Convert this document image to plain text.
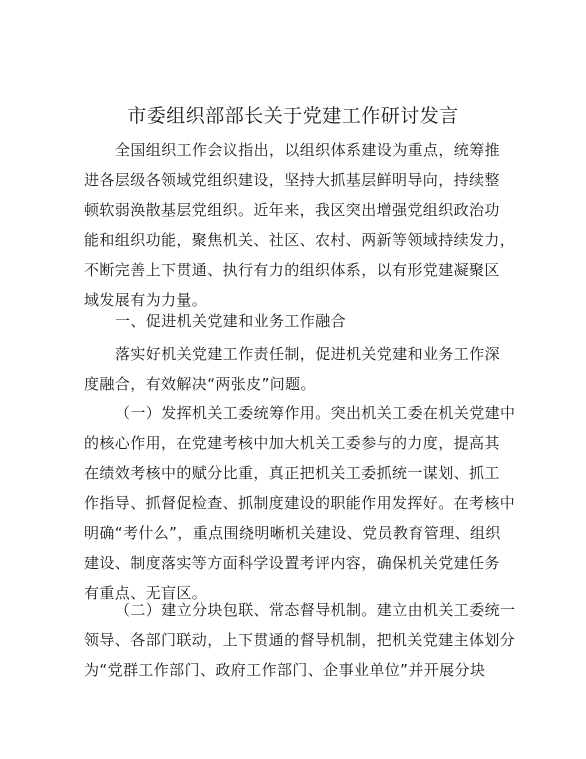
市委组织部部长关于党建工作研讨发言
全国组织工作会议指出，以组织体系建设为重点，统筹推
进各层级各领域党组织建设，坚持大抓基层鲜明导向，持续整
顿软弱涣散基层党组织。近年来，我区突出增强党组织政治功
能和组织功能，聚焦机关、社区、农村、两新等领域持续发力，
不断完善上下贯通、执行有力的组织体系，以有形党建凝聚区
域发展有为力量。
一、促进机关党建和业务工作融合
落实好机关党建工作责任制，促进机关党建和业务工作深
度融合，有效解决“两张皮”问题。
（一）发挥机关工委统筹作用。突出机关工委在机关党建中
的核心作用，在党建考核中加大机关工委参与的力度，提高其
在绩效考核中的赋分比重，真正把机关工委抓统一谋划、抓工
作指导、抓督促检查、抓制度建设的职能作用发挥好。在考核中
明确“考什么”，重点围绕明晰机关建设、党员教育管理、组织
建设、制度落实等方面科学设置考评内容，确保机关党建任务
有重点、无盲区。
（二）建立分块包联、常态督导机制。建立由机关工委统一
领导、各部门联动，上下贯通的督导机制，把机关党建主体划分
为“党群工作部门、政府工作部门、企事业单位”并开展分块
